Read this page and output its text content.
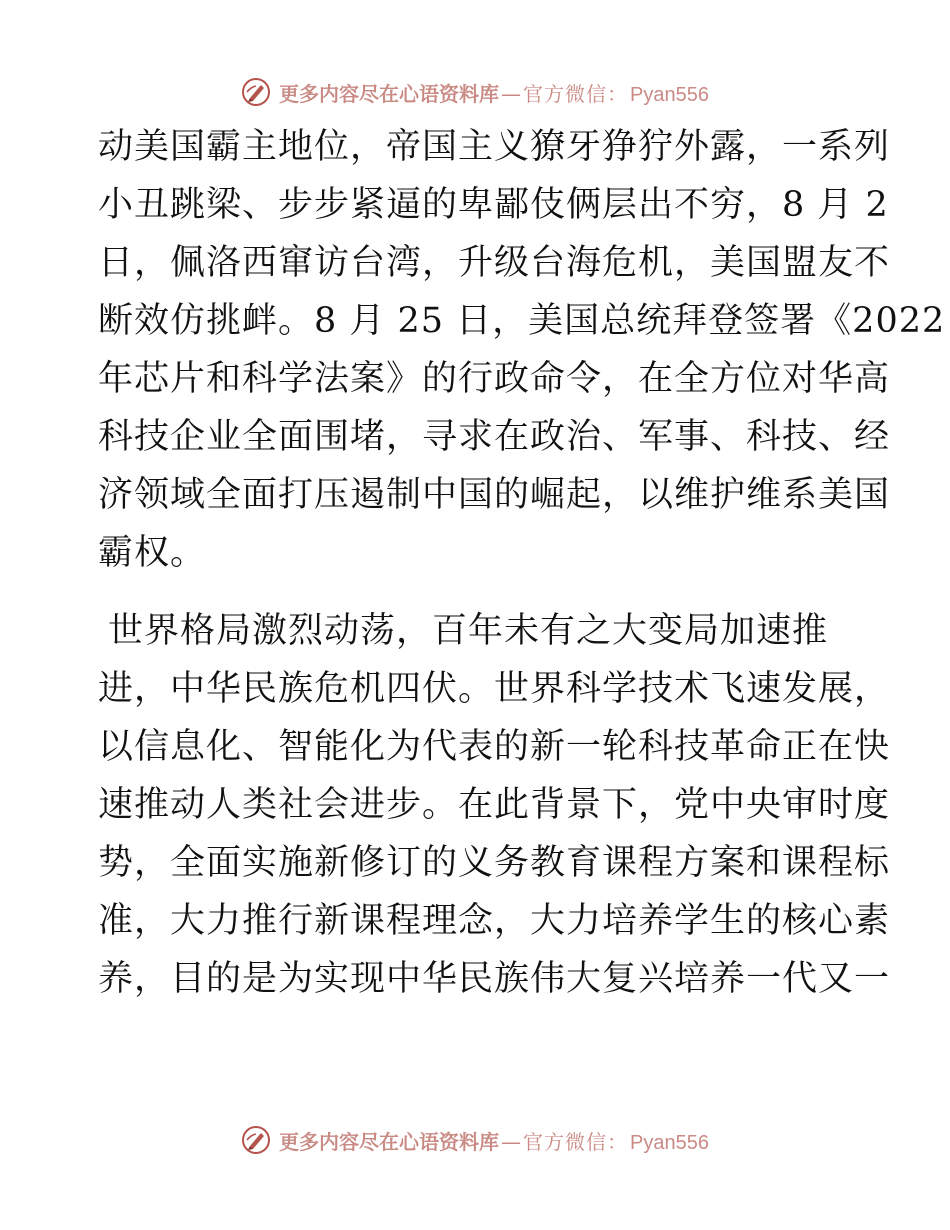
更多内容尽在心语资料库 — 官方微信： Pyan556
动美国霸主地位，帝国主义獠牙狰狞外露，一系列
小丑跳梁、步步紧逼的卑鄙伎俩层出不穷，8 月 2
日，佩洛西窜访台湾，升级台海危机，美国盟友不
断效仿挑衅。8 月 25 日，美国总统拜登签署《2022
年芯片和科学法案》的行政命令，在全方位对华高
科技企业全面围堵，寻求在政治、军事、科技、经
济领域全面打压遏制中国的崛起，以维护维系美国
霸权。
世界格局激烈动荡，百年未有之大变局加速推
进，中华民族危机四伏。世界科学技术飞速发展，
以信息化、智能化为代表的新一轮科技革命正在快
速推动人类社会进步。在此背景下，党中央审时度
势，全面实施新修订的义务教育课程方案和课程标
准，大力推行新课程理念，大力培养学生的核心素
养，目的是为实现中华民族伟大复兴培养一代又一
更多内容尽在心语资料库 — 官方微信： Pyan556
